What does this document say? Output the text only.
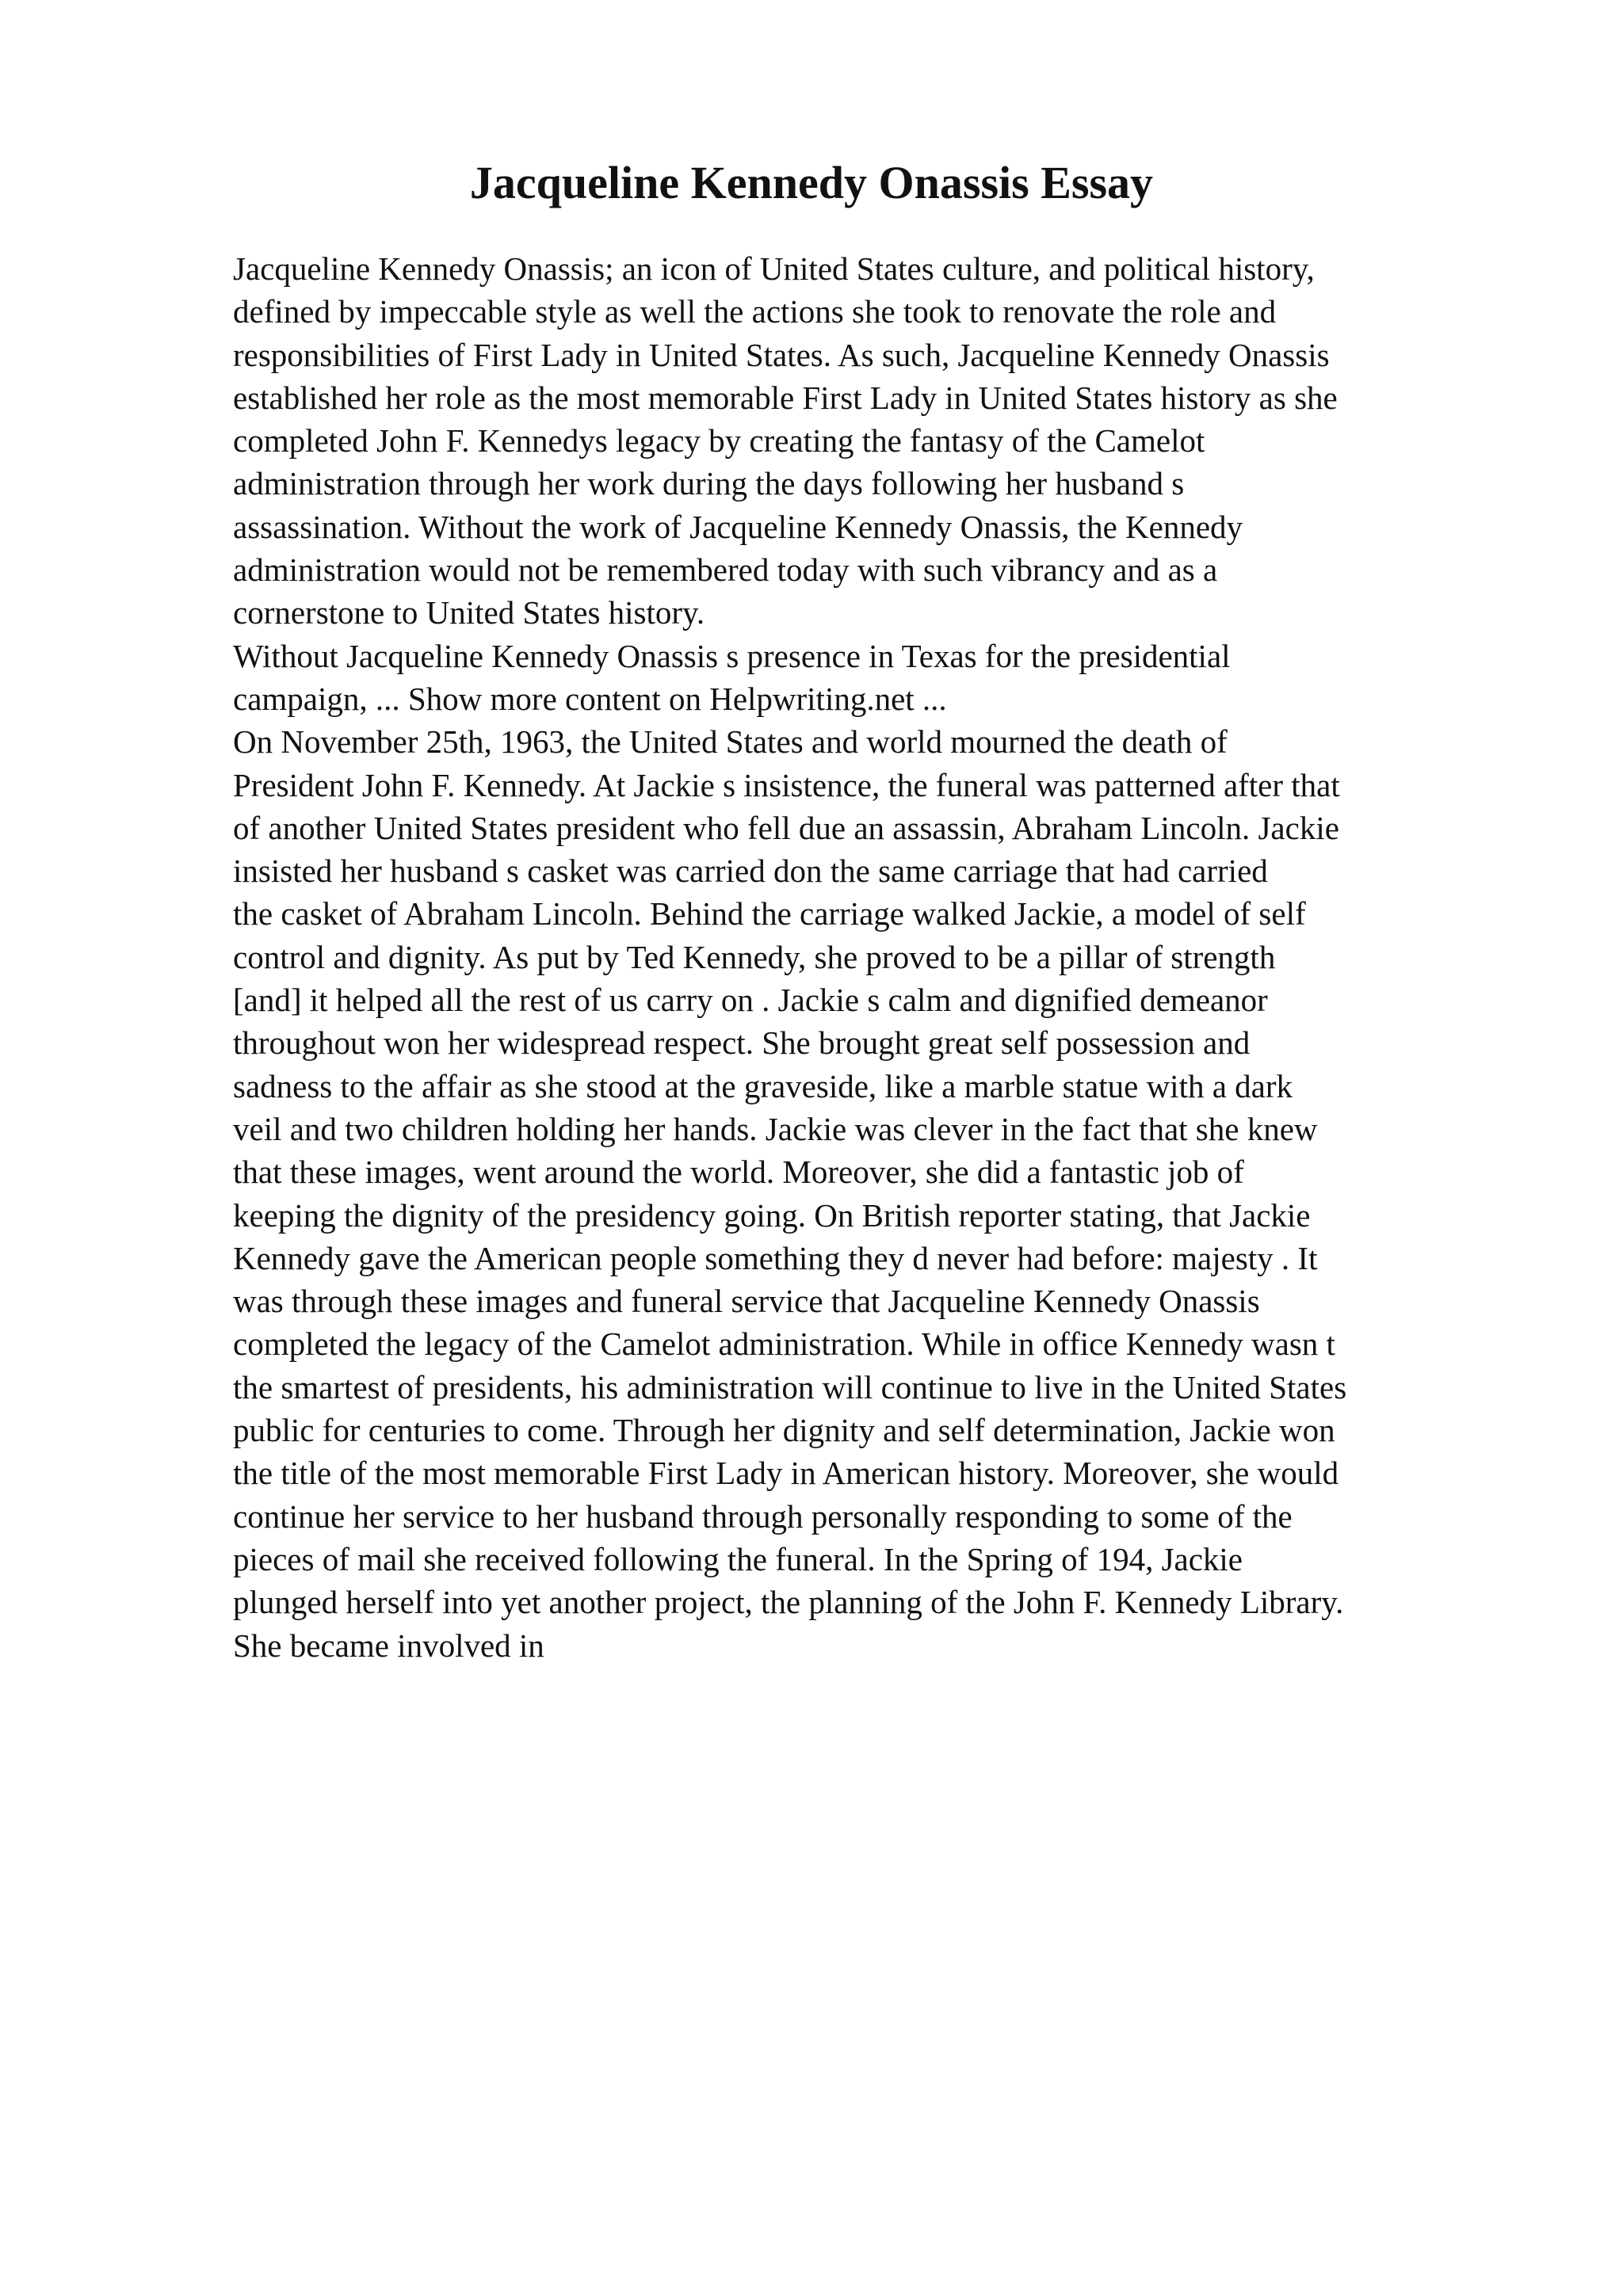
Jacqueline Kennedy Onassis Essay
Jacqueline Kennedy Onassis; an icon of United States culture, and political history,
defined by impeccable style as well the actions she took to renovate the role and
responsibilities of First Lady in United States. As such, Jacqueline Kennedy Onassis
established her role as the most memorable First Lady in United States history as she
completed John F. Kennedys legacy by creating the fantasy of the Camelot
administration through her work during the days following her husband s
assassination. Without the work of Jacqueline Kennedy Onassis, the Kennedy
administration would not be remembered today with such vibrancy and as a
cornerstone to United States history.
Without Jacqueline Kennedy Onassis s presence in Texas for the presidential
campaign, ... Show more content on Helpwriting.net ...
On November 25th, 1963, the United States and world mourned the death of
President John F. Kennedy. At Jackie s insistence, the funeral was patterned after that
of another United States president who fell due an assassin, Abraham Lincoln. Jackie
insisted her husband s casket was carried don the same carriage that had carried
the casket of Abraham Lincoln. Behind the carriage walked Jackie, a model of self
control and dignity. As put by Ted Kennedy, she proved to be a pillar of strength
[and] it helped all the rest of us carry on . Jackie s calm and dignified demeanor
throughout won her widespread respect. She brought great self possession and
sadness to the affair as she stood at the graveside, like a marble statue with a dark
veil and two children holding her hands. Jackie was clever in the fact that she knew
that these images, went around the world. Moreover, she did a fantastic job of
keeping the dignity of the presidency going. On British reporter stating, that Jackie
Kennedy gave the American people something they d never had before: majesty . It
was through these images and funeral service that Jacqueline Kennedy Onassis
completed the legacy of the Camelot administration. While in office Kennedy wasn t
the smartest of presidents, his administration will continue to live in the United States
public for centuries to come. Through her dignity and self determination, Jackie won
the title of the most memorable First Lady in American history. Moreover, she would
continue her service to her husband through personally responding to some of the
pieces of mail she received following the funeral. In the Spring of 194, Jackie
plunged herself into yet another project, the planning of the John F. Kennedy Library.
She became involved in
